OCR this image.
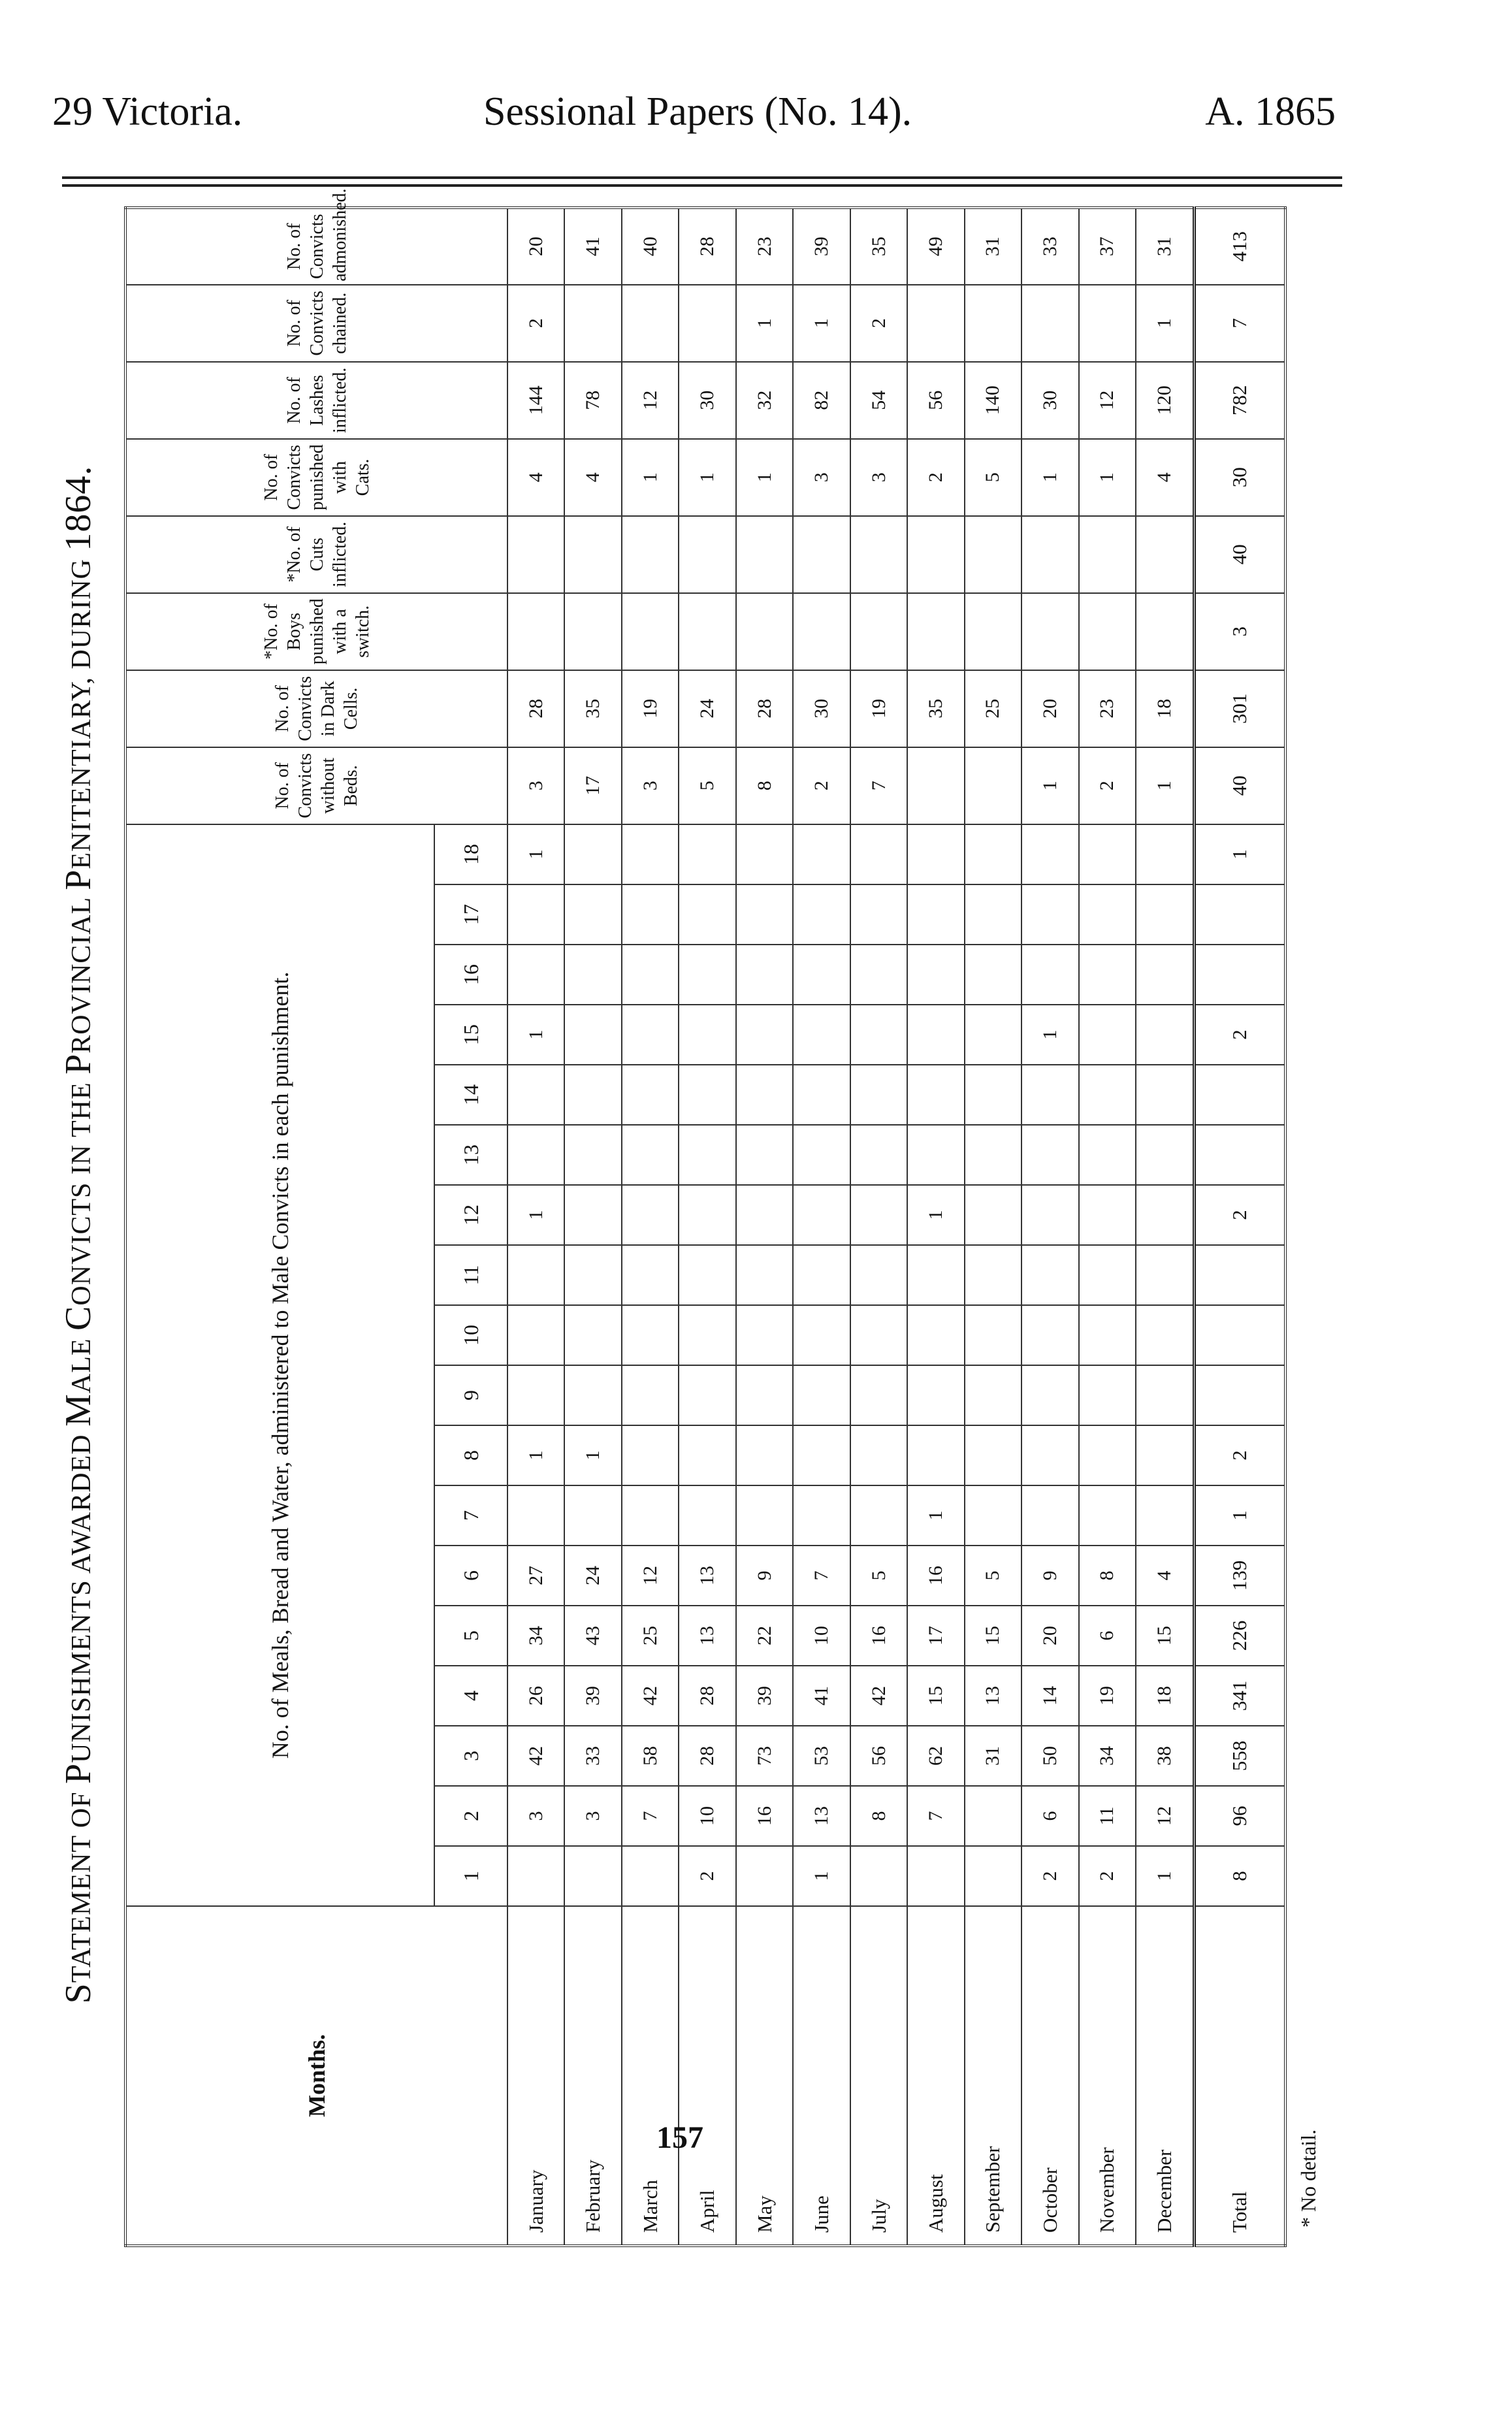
29 Victoria.	Sessional Papers (No. 14).	A. 1865
STATEMENT OF PUNISHMENTS AWARDED MALE CONVICTS IN THE PROVINCIAL PENITENTIARY, DURING 1864.
Months.	No. of Meals, Bread and Water, administered to Male Convicts in each punishment.																		No. of Convicts without Beds.	No. of Convicts in Dark Cells.	*No. of Boys punished with a switch.	*No. of Cuts inflicted.	No. of Convicts punished with Cats.	No. of Lashes inflicted.	No. of Convicts chained.	No. of Convicts admonished.
	1	2	3	4	5	6	7	8	9	10	11	12	13	14	15	16	17	18								
January		3	42	26	34	27		1				1			1			1	3	28			4	144	2	20
February		3	33	39	43	24		1											17	35			4	78		41
March		7	58	42	25	12													3	19			1	12		40
April	2	10	28	28	13	13													5	24			1	30		28
May		16	73	39	22	9													8	28			1	32	1	23
June	1	13	53	41	10	7													2	30			3	82	1	39
July		8	56	42	16	5													7	19			3	54	2	35
August		7	62	15	17	16	1					1								35			2	56		49
September			31	13	15	5														25			5	140		31
October	2	6	50	14	20	9									1				1	20			1	30		33
November	2	11	34	19	6	8													2	23			1	12		37
December	1	12	38	18	15	4													1	18			4	120	1	31
Total	8	96	558	341	226	139	1	2				2			2			1	40	301	3	40	30	782	7	413
* No detail.
157
